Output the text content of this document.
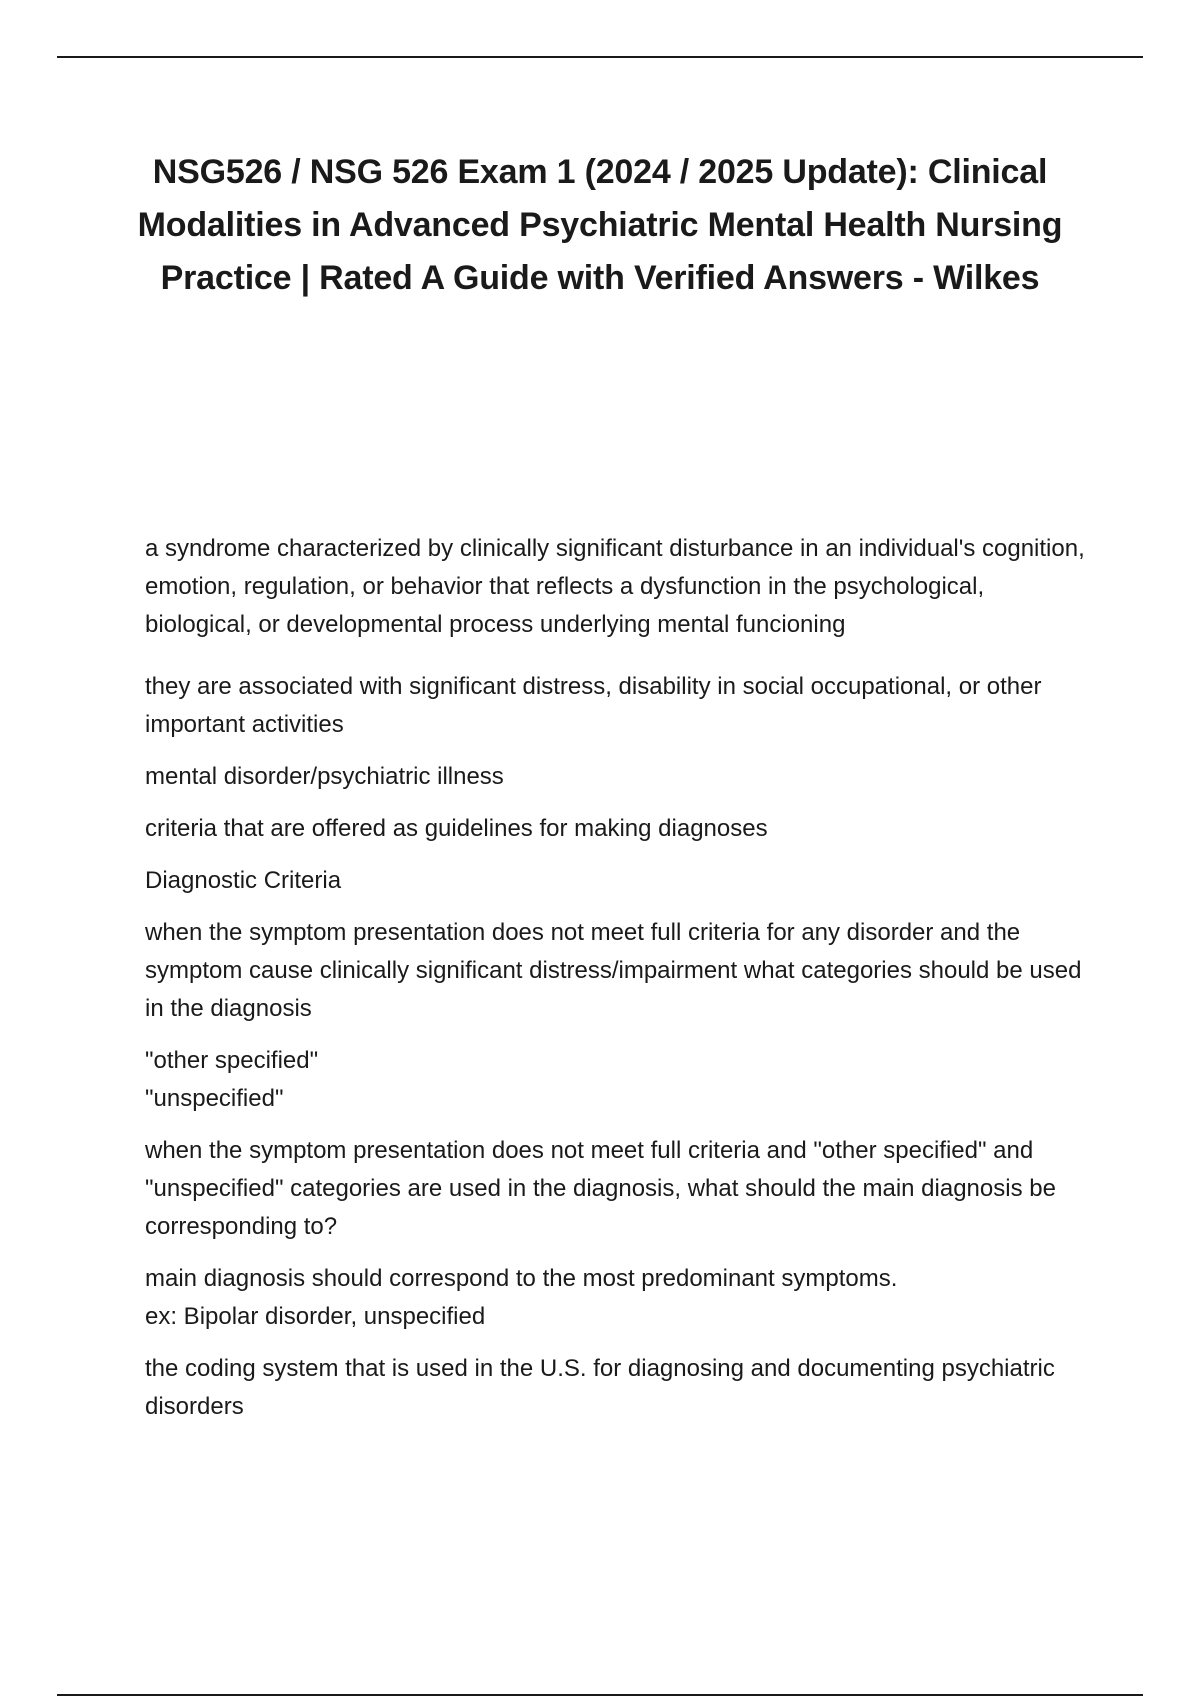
NSG526 / NSG 526 Exam 1 (2024 / 2025 Update): Clinical Modalities in Advanced Psychiatric Mental Health Nursing Practice | Rated A Guide with Verified Answers - Wilkes

a syndrome characterized by clinically significant disturbance in an individual's cognition, emotion, regulation, or behavior that reflects a dysfunction in the psychological, biological, or developmental process underlying mental funcioning

they are associated with significant distress, disability in social occupational, or other important activities

mental disorder/psychiatric illness

criteria that are offered as guidelines for making diagnoses

Diagnostic Criteria

when the symptom presentation does not meet full criteria for any disorder and the symptom cause clinically significant distress/impairment what categories should be used in the diagnosis

"other specified"
"unspecified"

when the symptom presentation does not meet full criteria and "other specified" and "unspecified" categories are used in the diagnosis, what should the main diagnosis be corresponding to?

main diagnosis should correspond to the most predominant symptoms.
ex: Bipolar disorder, unspecified

the coding system that is used in the U.S. for diagnosing and documenting psychiatric disorders
